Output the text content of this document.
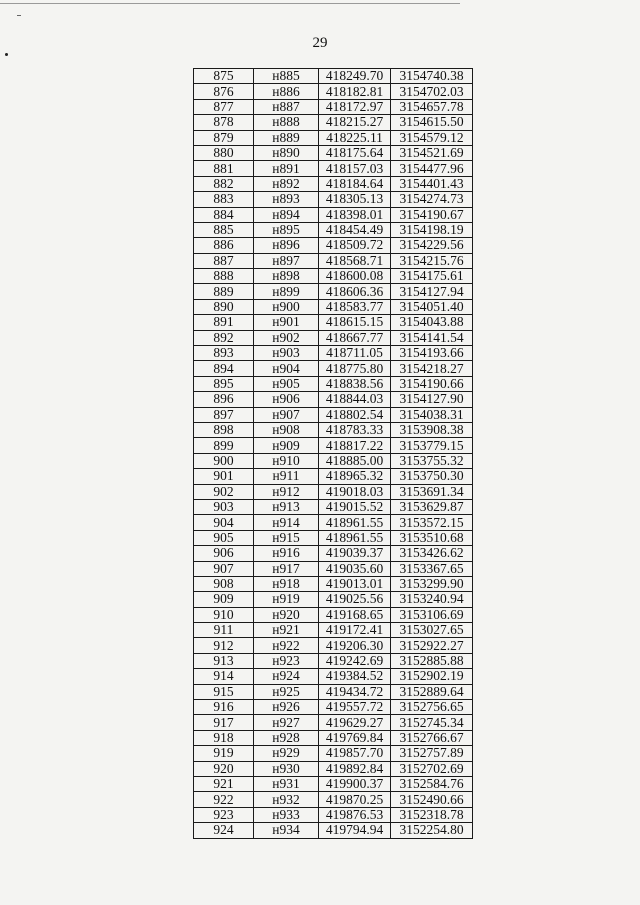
29
875	н885	418249.70	3154740.38
876	н886	418182.81	3154702.03
877	н887	418172.97	3154657.78
878	н888	418215.27	3154615.50
879	н889	418225.11	3154579.12
880	н890	418175.64	3154521.69
881	н891	418157.03	3154477.96
882	н892	418184.64	3154401.43
883	н893	418305.13	3154274.73
884	н894	418398.01	3154190.67
885	н895	418454.49	3154198.19
886	н896	418509.72	3154229.56
887	н897	418568.71	3154215.76
888	н898	418600.08	3154175.61
889	н899	418606.36	3154127.94
890	н900	418583.77	3154051.40
891	н901	418615.15	3154043.88
892	н902	418667.77	3154141.54
893	н903	418711.05	3154193.66
894	н904	418775.80	3154218.27
895	н905	418838.56	3154190.66
896	н906	418844.03	3154127.90
897	н907	418802.54	3154038.31
898	н908	418783.33	3153908.38
899	н909	418817.22	3153779.15
900	н910	418885.00	3153755.32
901	н911	418965.32	3153750.30
902	н912	419018.03	3153691.34
903	н913	419015.52	3153629.87
904	н914	418961.55	3153572.15
905	н915	418961.55	3153510.68
906	н916	419039.37	3153426.62
907	н917	419035.60	3153367.65
908	н918	419013.01	3153299.90
909	н919	419025.56	3153240.94
910	н920	419168.65	3153106.69
911	н921	419172.41	3153027.65
912	н922	419206.30	3152922.27
913	н923	419242.69	3152885.88
914	н924	419384.52	3152902.19
915	н925	419434.72	3152889.64
916	н926	419557.72	3152756.65
917	н927	419629.27	3152745.34
918	н928	419769.84	3152766.67
919	н929	419857.70	3152757.89
920	н930	419892.84	3152702.69
921	н931	419900.37	3152584.76
922	н932	419870.25	3152490.66
923	н933	419876.53	3152318.78
924	н934	419794.94	3152254.80
